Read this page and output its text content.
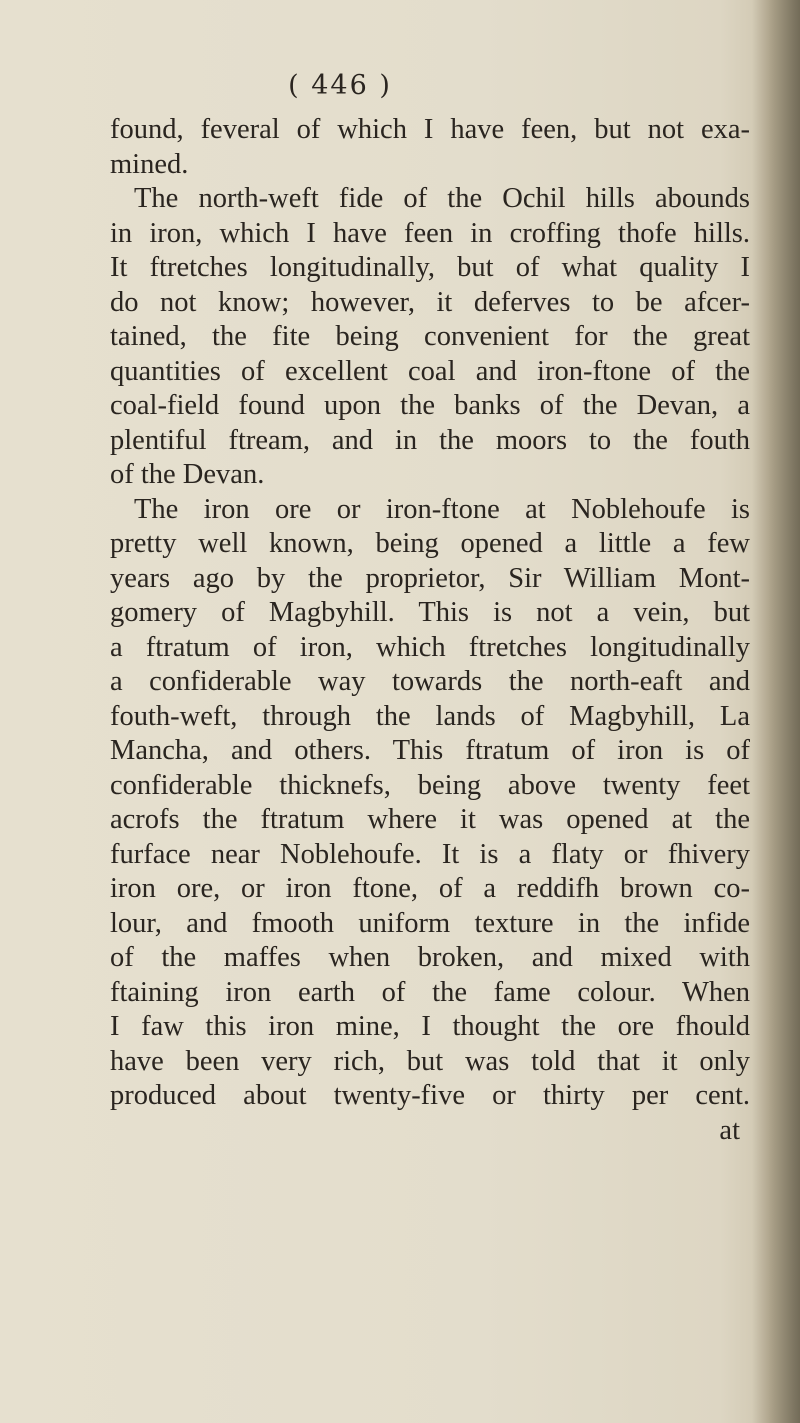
( 446 )
found, feveral of which I have feen, but not exa-
mined.
The north-weft fide of the Ochil hills abounds
in iron, which I have feen in croffing thofe hills.
It ftretches longitudinally, but of what quality I
do not know; however, it deferves to be afcer-
tained, the fite being convenient for the great
quantities of excellent coal and iron-ftone of the
coal-field found upon the banks of the Devan, a
plentiful ftream, and in the moors to the fouth
of the Devan.
The iron ore or iron-ftone at Noblehoufe is
pretty well known, being opened a little a few
years ago by the proprietor, Sir William Mont-
gomery of Magbyhill. This is not a vein, but
a ftratum of iron, which ftretches longitudinally
a confiderable way towards the north-eaft and
fouth-weft, through the lands of Magbyhill, La
Mancha, and others. This ftratum of iron is of
confiderable thicknefs, being above twenty feet
acrofs the ftratum where it was opened at the
furface near Noblehoufe. It is a flaty or fhivery
iron ore, or iron ftone, of a reddifh brown co-
lour, and fmooth uniform texture in the infide
of the maffes when broken, and mixed with
ftaining iron earth of the fame colour. When
I faw this iron mine, I thought the ore fhould
have been very rich, but was told that it only
produced about twenty-five or thirty per cent.
at
